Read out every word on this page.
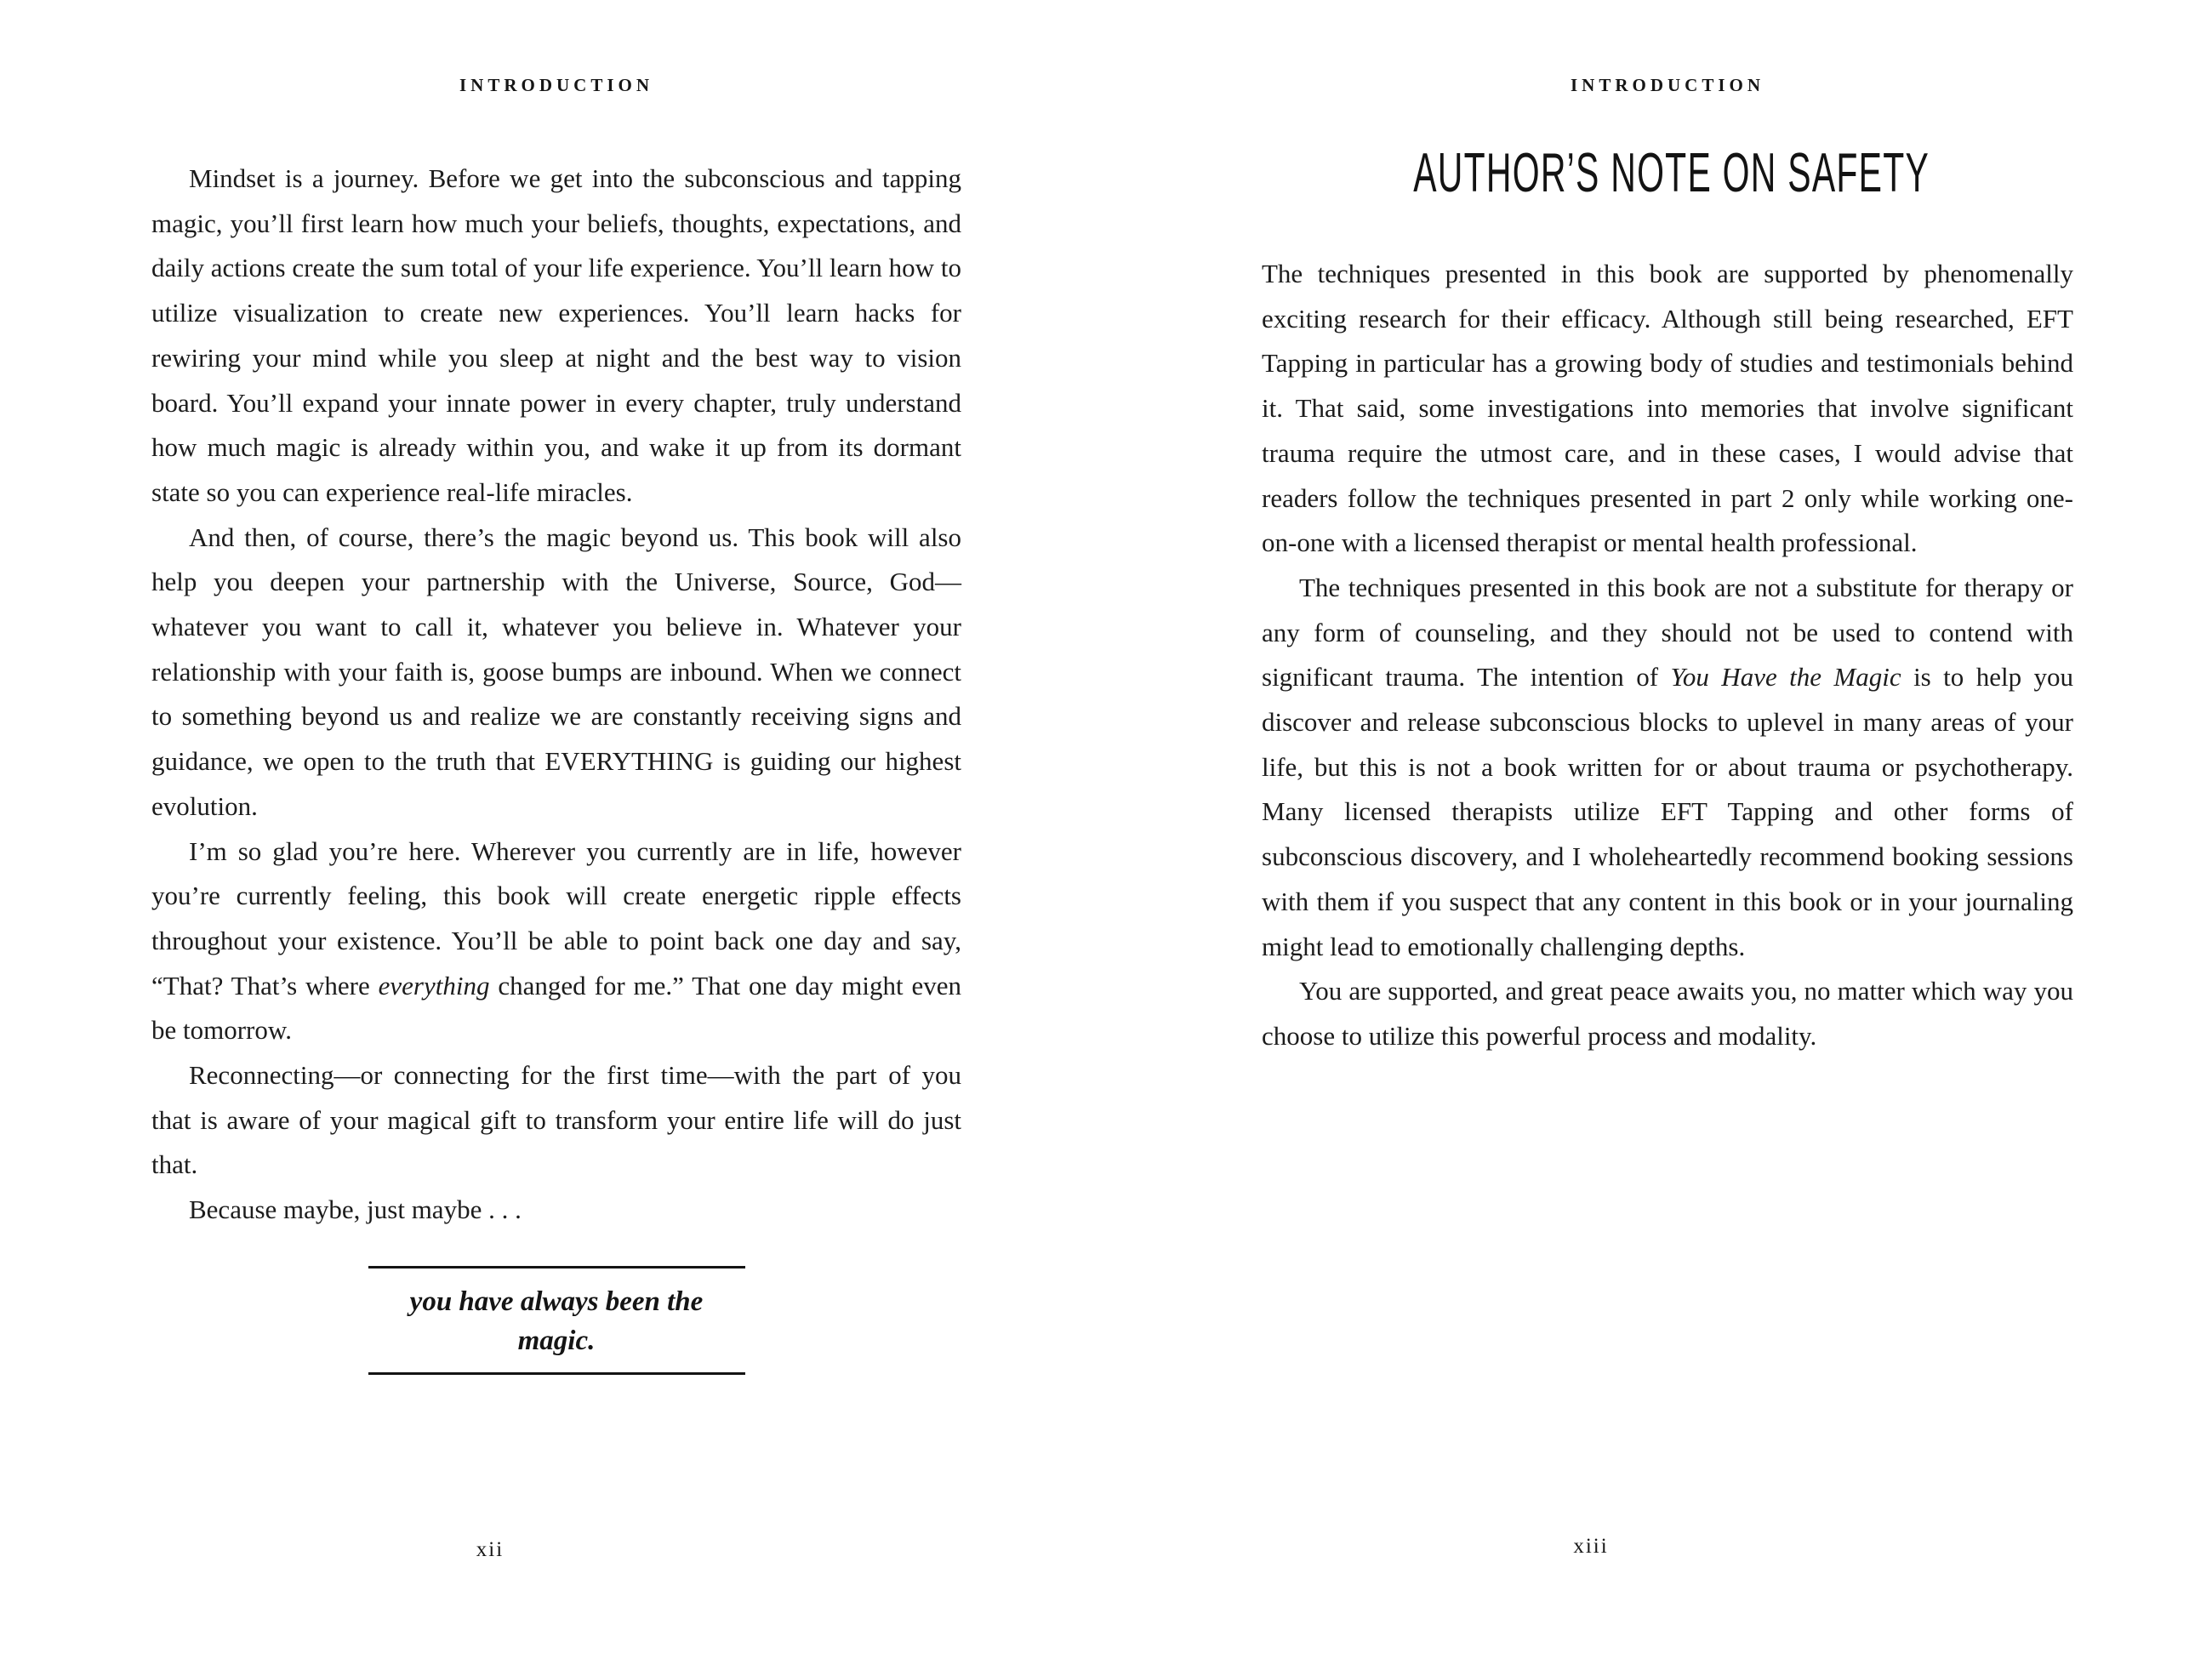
INTRODUCTION

Mindset is a journey. Before we get into the subconscious and tapping magic, you’ll first learn how much your beliefs, thoughts, expectations, and daily actions create the sum total of your life experience. You’ll learn how to utilize visualization to create new experiences. You’ll learn hacks for rewiring your mind while you sleep at night and the best way to vision board. You’ll expand your innate power in every chapter, truly understand how much magic is already within you, and wake it up from its dormant state so you can experience real-life miracles.

And then, of course, there’s the magic beyond us. This book will also help you deepen your partnership with the Universe, Source, God—whatever you want to call it, whatever you believe in. Whatever your relationship with your faith is, goose bumps are inbound. When we connect to something beyond us and realize we are constantly receiving signs and guidance, we open to the truth that EVERYTHING is guiding our highest evolution.

I’m so glad you’re here. Wherever you currently are in life, however you’re currently feeling, this book will create energetic ripple effects throughout your existence. You’ll be able to point back one day and say, “That? That’s where everything changed for me.” That one day might even be tomorrow.

Reconnecting—or connecting for the first time—with the part of you that is aware of your magical gift to transform your entire life will do just that.

Because maybe, just maybe . . .

you have always been the magic.
xii
INTRODUCTION
AUTHOR’S NOTE ON SAFETY

The techniques presented in this book are supported by phenomenally exciting research for their efficacy. Although still being researched, EFT Tapping in particular has a growing body of studies and testimonials behind it. That said, some investigations into memories that involve significant trauma require the utmost care, and in these cases, I would advise that readers follow the techniques presented in part 2 only while working one-on-one with a licensed therapist or mental health professional.

The techniques presented in this book are not a substitute for therapy or any form of counseling, and they should not be used to contend with significant trauma. The intention of You Have the Magic is to help you discover and release subconscious blocks to uplevel in many areas of your life, but this is not a book written for or about trauma or psychotherapy. Many licensed therapists utilize EFT Tapping and other forms of subconscious discovery, and I wholeheartedly recommend booking sessions with them if you suspect that any content in this book or in your journaling might lead to emotionally challenging depths.

You are supported, and great peace awaits you, no matter which way you choose to utilize this powerful process and modality.

xiii
